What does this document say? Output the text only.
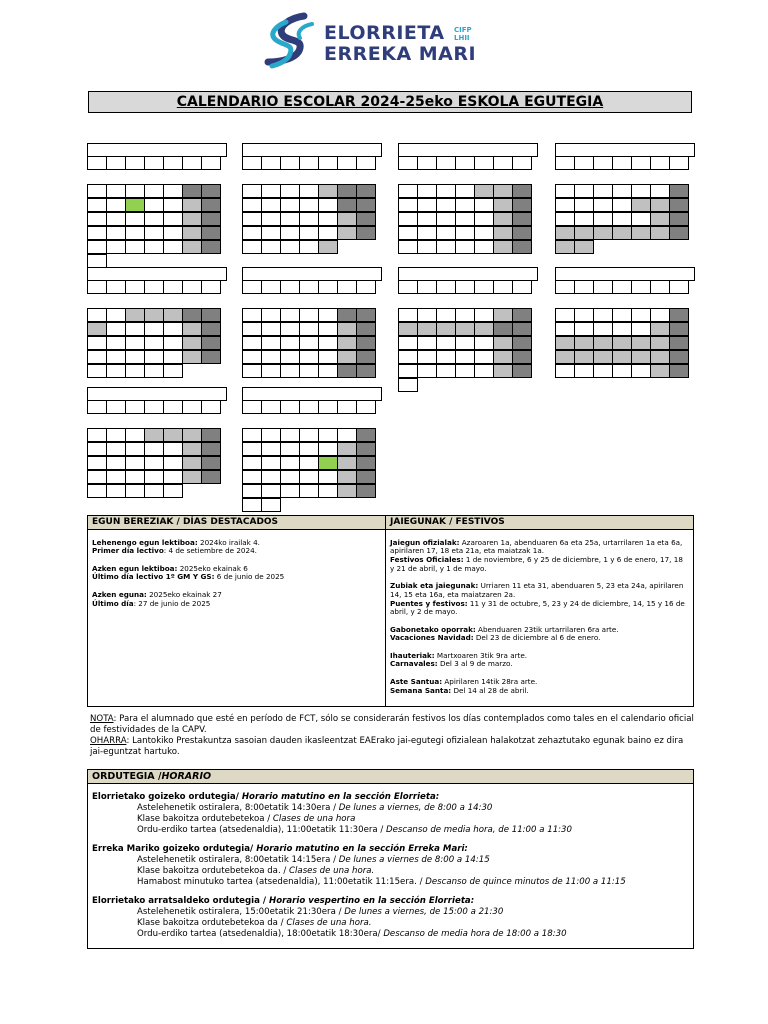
ELORRIETA
ERREKA MARI
CIFP
LHII
CALENDARIO ESCOLAR 2024-25eko ESKOLA EGUTEGIA
EGUN BEREZIAK / DÍAS DESTACADOS
Lehenengo egun lektiboa: 2024ko irailak 4.
Primer día lectivo: 4 de setiembre de 2024.
Azken egun lektiboa: 2025eko ekainak 6
Último día lectivo 1º GM Y GS: 6 de junio de 2025
Azken eguna: 2025eko ekainak 27
Último día: 27 de junio de 2025
JAIEGUNAK / FESTIVOS
Jaiegun ofizialak: Azaroaren 1a, abenduaren 6a eta 25a, urtarrilaren 1a eta 6a, apirilaren 17, 18 eta 21a, eta maiatzak 1a.
Festivos Oficiales: 1 de noviembre, 6 y 25 de diciembre, 1 y 6 de enero, 17, 18 y 21 de abril, y 1 de mayo.
Zubiak eta jaiegunak: Urriaren 11 eta 31, abenduaren 5, 23 eta 24a, apirilaren 14, 15 eta 16a, eta maiatzaren 2a.
Puentes y festivos: 11 y 31 de octubre, 5, 23 y 24 de diciembre, 14, 15 y 16 de abril, y 2 de mayo.
Gabonetako oporrak: Abenduaren 23tik urtarrilaren 6ra arte.
Vacaciones Navidad: Del 23 de diciembre al 6 de enero.
Ihauteriak: Martxoaren 3tik 9ra arte.
Carnavales: Del 3 al 9 de marzo.
Aste Santua: Apirilaren 14tik 28ra arte.
Semana Santa: Del 14 al 28 de abril.
NOTA: Para el alumnado que esté en período de FCT, sólo se considerarán festivos los días contemplados como tales en el calendario oficial de festividades de la CAPV.
OHARRA: Lantokiko Prestakuntza sasoian dauden ikasleentzat EAErako jai-egutegi ofizialean halakotzat zehaztutako egunak baino ez dira jai-eguntzat hartuko.
ORDUTEGIA /HORARIO
Elorrietako goizeko ordutegia/ Horario matutino en la sección Elorrieta:
Astelehenetik ostiralera, 8:00etatik 14:30era / De lunes a viernes, de 8:00 a 14:30
Klase bakoitza ordutebetekoa / Clases de una hora
Ordu-erdiko tartea (atsedenaldia), 11:00etatik 11:30era / Descanso de media hora, de 11:00 a 11:30
Erreka Mariko goizeko ordutegia/ Horario matutino en la sección Erreka Mari:
Astelehenetik ostiralera, 8:00etatik 14:15era / De lunes a viernes de 8:00 a 14:15
Klase bakoitza ordutebetekoa da. / Clases de una hora.
Hamabost minutuko tartea (atsedenaldia), 11:00etatik 11:15era. / Descanso de quince minutos de 11:00 a 11:15
Elorrietako arratsaldeko ordutegia / Horario vespertino en la sección Elorrieta:
Astelehenetik ostiralera, 15:00etatik 21:30era / De lunes a viernes, de 15:00 a 21:30
Klase bakoitza ordutebetekoa da / Clases de una hora.
Ordu-erdiko tartea (atsedenaldia), 18:00etatik 18:30era/ Descanso de media hora de 18:00 a 18:30
